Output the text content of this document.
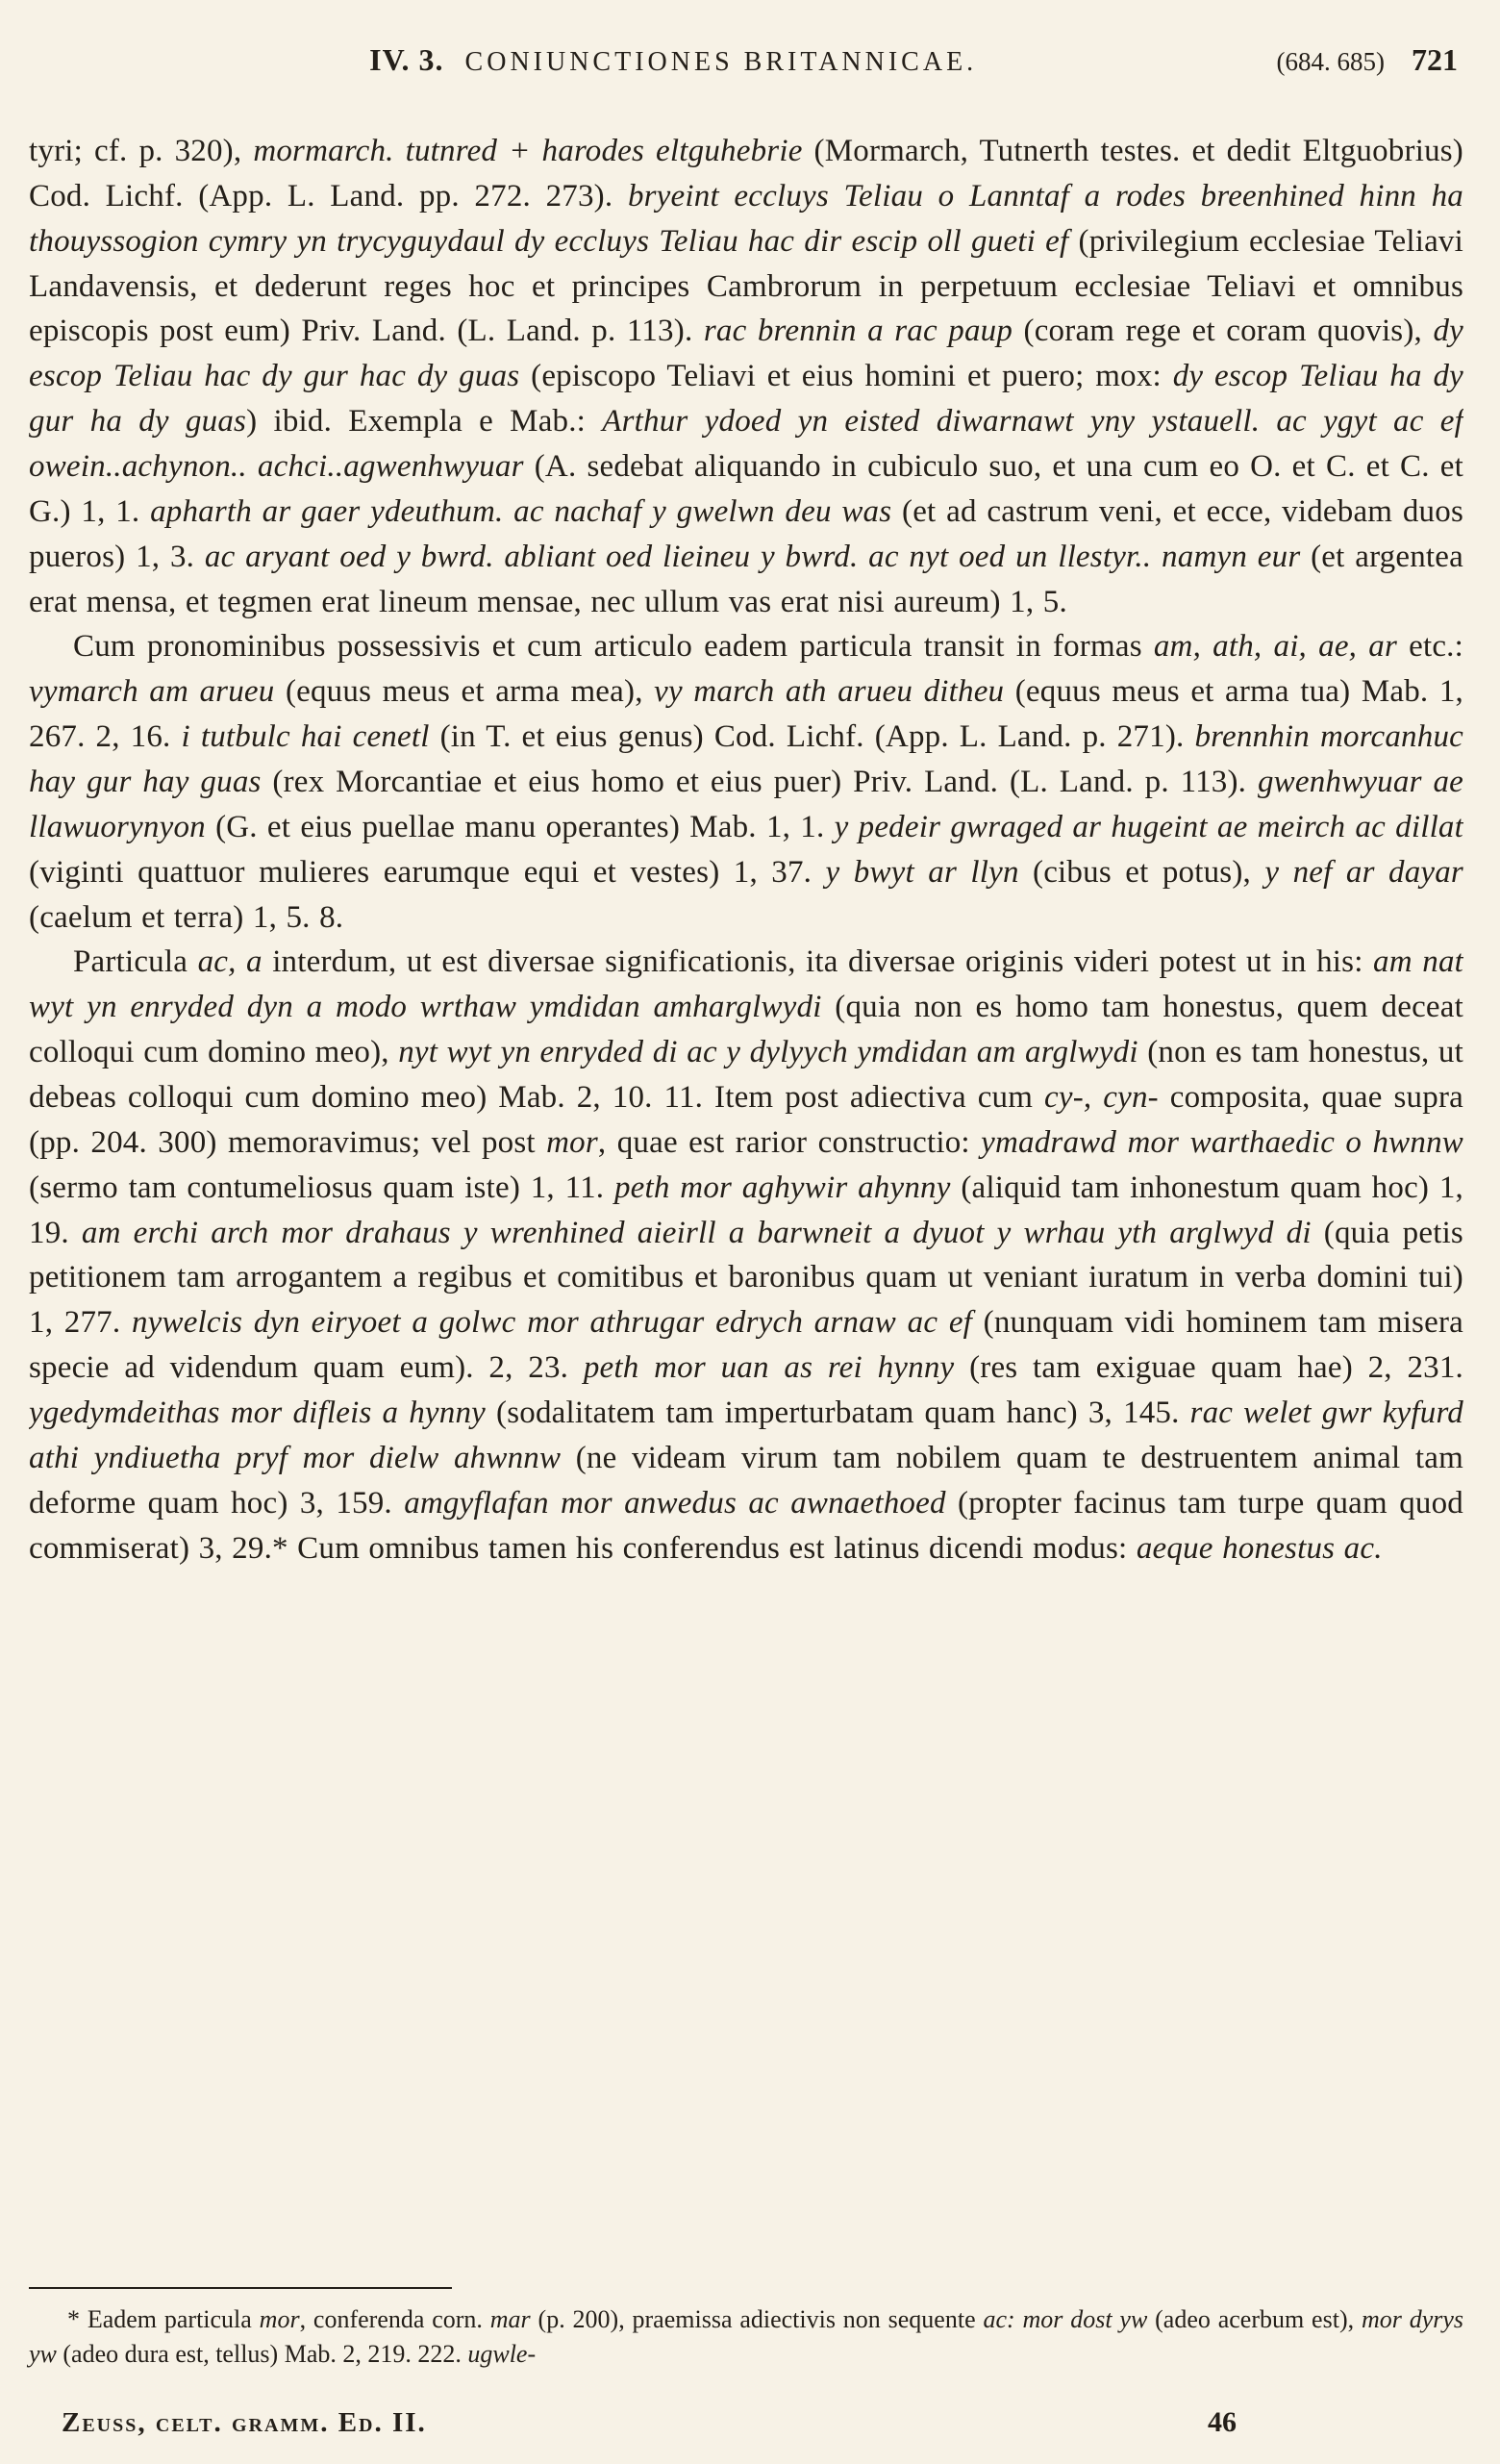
IV. 3. CONIUNCTIONES BRITANNICAE.	(684. 685) 721

tyri; cf. p. 320), mormarch. tutnred + harodes eltguhebrie (Mormarch, Tutnerth testes. et dedit Eltguobrius) Cod. Lichf. (App. L. Land. pp. 272. 273). bryeint eccluys Teliau o Lanntaf a rodes breenhined hinn ha thouyssogion cymry yn trycyguydaul dy eccluys Teliau hac dir escip oll gueti ef (privilegium ecclesiae Teliavi Landavensis, et dederunt reges hoc et principes Cambrorum in perpetuum ecclesiae Teliavi et omnibus episcopis post eum) Priv. Land. (L. Land. p. 113). rac brennin a rac paup (coram rege et coram quovis), dy escop Teliau hac dy gur hac dy guas (episcopo Teliavi et eius homini et puero; mox: dy escop Teliau ha dy gur ha dy guas) ibid. Exempla e Mab.: Arthur ydoed yn eisted diwarnawt yny ystauell. ac ygyt ac ef owein..achynon.. achci..agwenhwyuar (A. sedebat aliquando in cubiculo suo, et una cum eo O. et C. et C. et G.) 1, 1. apharth ar gaer ydeuthum. ac nachaf y gwelwn deu was (et ad castrum veni, et ecce, videbam duos pueros) 1, 3. ac aryant oed y bwrd. abliant oed lieineu y bwrd. ac nyt oed un llestyr.. namyn eur (et argentea erat mensa, et tegmen erat lineum mensae, nec ullum vas erat nisi aureum) 1, 5.

Cum pronominibus possessivis et cum articulo eadem particula transit in formas am, ath, ai, ae, ar etc.: vymarch am arueu (equus meus et arma mea), vy march ath arueu ditheu (equus meus et arma tua) Mab. 1, 267. 2, 16. i tutbulc hai cenetl (in T. et eius genus) Cod. Lichf. (App. L. Land. p. 271). brennhin morcanhuc hay gur hay guas (rex Morcantiae et eius homo et eius puer) Priv. Land. (L. Land. p. 113). gwenhwyuar ae llawuorynyon (G. et eius puellae manu operantes) Mab. 1, 1. y pedeir gwraged ar hugeint ae meirch ac dillat (viginti quattuor mulieres earumque equi et vestes) 1, 37. y bwyt ar llyn (cibus et potus), y nef ar dayar (caelum et terra) 1, 5. 8.

Particula ac, a interdum, ut est diversae significationis, ita diversae originis videri potest ut in his: am nat wyt yn enryded dyn a modo wrthaw ymdidan amharglwydi (quia non es homo tam honestus, quem deceat colloqui cum domino meo), nyt wyt yn enryded di ac y dylyych ymdidan am arglwydi (non es tam honestus, ut debeas colloqui cum domino meo) Mab. 2, 10. 11. Item post adiectiva cum cy-, cyn- composita, quae supra (pp. 204. 300) memoravimus; vel post mor, quae est rarior constructio: ymadrawd mor warthaedic o hwnnw (sermo tam contumeliosus quam iste) 1, 11. peth mor aghywir ahynny (aliquid tam inhonestum quam hoc) 1, 19. am erchi arch mor drahaus y wrenhined aieirll a barwneit a dyuot y wrhau yth arglwyd di (quia petis petitionem tam arrogantem a regibus et comitibus et baronibus quam ut veniant iuratum in verba domini tui) 1, 277. nywelcis dyn eiryoet a golwc mor athrugar edrych arnaw ac ef (nunquam vidi hominem tam misera specie ad videndum quam eum). 2, 23. peth mor uan as rei hynny (res tam exiguae quam hae) 2, 231. ygedymdeithas mor difleis a hynny (sodalitatem tam imperturbatam quam hanc) 3, 145. rac welet gwr kyfurd athi yndiuetha pryf mor dielw ahwnnw (ne videam virum tam nobilem quam te destruentem animal tam deforme quam hoc) 3, 159. amgyflafan mor anwedus ac awnaethoed (propter facinus tam turpe quam quod commiserat) 3, 29.* Cum omnibus tamen his conferendus est latinus dicendi modus: aeque honestus ac.

* Eadem particula mor, conferenda corn. mar (p. 200), praemissa adiectivis non sequente ac: mor dost yw (adeo acerbum est), mor dyrys yw (adeo dura est, tellus) Mab. 2, 219. 222. ugwle-

Zeuss, celt. gramm. Ed. II.	46
